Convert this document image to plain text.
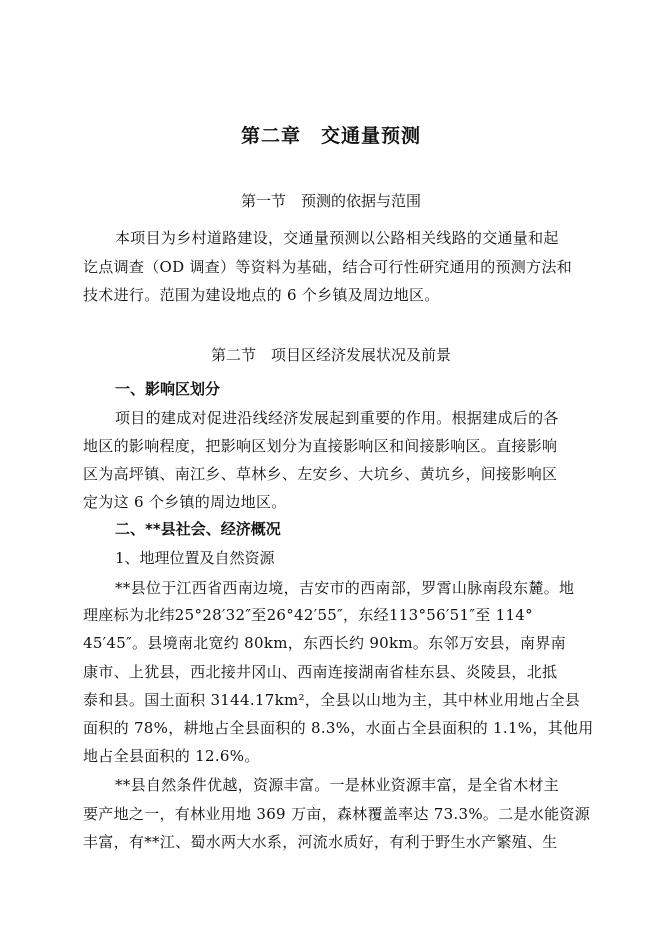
第二章　交通量预测
第一节　预测的依据与范围
本项目为乡村道路建设，交通量预测以公路相关线路的交通量和起
讫点调查（OD 调查）等资料为基础，结合可行性研究通用的预测方法和
技术进行。范围为建设地点的 6 个乡镇及周边地区。
第二节　项目区经济发展状况及前景
一、影响区划分
项目的建成对促进沿线经济发展起到重要的作用。根据建成后的各
地区的影响程度，把影响区划分为直接影响区和间接影响区。直接影响
区为高坪镇、南江乡、草林乡、左安乡、大坑乡、黄坑乡，间接影响区
定为这 6 个乡镇的周边地区。
二、**县社会、经济概况
1、地理位置及自然资源
**县位于江西省西南边境，吉安市的西南部，罗霄山脉南段东麓。地
理座标为北纬25°28′32″至26°42′55″，东经113°56′51″至 114°
45′45″。县境南北宽约 80km，东西长约 90km。东邻万安县，南界南
康市、上犹县，西北接井冈山、西南连接湖南省桂东县、炎陵县，北抵
泰和县。国土面积 3144.17km²，全县以山地为主，其中林业用地占全县
面积的 78%，耕地占全县面积的 8.3%，水面占全县面积的 1.1%，其他用
地占全县面积的 12.6%。
**县自然条件优越，资源丰富。一是林业资源丰富，是全省木材主
要产地之一，有林业用地 369 万亩，森林覆盖率达 73.3%。二是水能资源
丰富，有**江、蜀水两大水系，河流水质好，有利于野生水产繁殖、生
